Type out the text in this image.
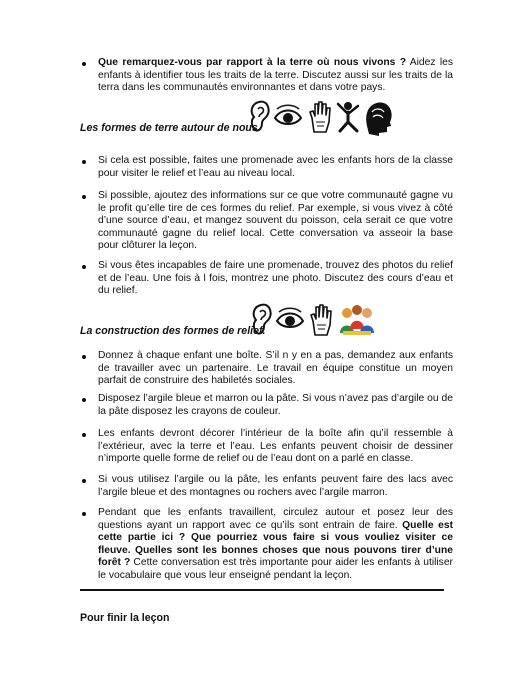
Que remarquez-vous par rapport à la terre où nous vivons ? Aidez les enfants à identifier tous les traits de la terre. Discutez aussi sur les traits de la terra dans les communautés environnantes et dans votre pays.
Les formes de terre autour de nous.
Si cela est possible, faites une promenade avec les enfants hors de la classe pour visiter le relief et l’eau au niveau local.
Si possible, ajoutez des informations sur ce que votre communauté gagne vu le profit qu’elle tire de ces formes du relief. Par exemple, si vous vivez à côté d’une source d’eau, et mangez souvent du poisson, cela serait ce que votre communauté gagne du relief local. Cette conversation va asseoir la base pour clôturer la leçon.
Si vous êtes incapables de faire une promenade, trouvez des photos du relief et de l’eau. Une fois à l fois, montrez une photo. Discutez des cours d’eau et du relief.
La construction des formes de relief.
Donnez à chaque enfant une boîte. S’il n y en a pas, demandez aux enfants de travailler avec un partenaire. Le travail en équipe constitue un moyen parfait de construire des habiletés sociales.
Disposez l’argile bleue et marron ou la pâte. Si vous n’avez pas d’argile ou de la pâte disposez les crayons de couleur.
Les enfants devront décorer l’intérieur de la boîte afin qu’il ressemble à l’extérieur, avec la terre et l’eau. Les enfants peuvent choisir de dessiner n’importe quelle forme de relief ou de l’eau dont on a parlé en classe.
Si vous utilisez l’argile ou la pâte, les enfants peuvent faire des lacs avec l’argile bleue et des montagnes ou rochers avec l’argile marron.
Pendant que les enfants travaillent, circulez autour et posez leur des questions ayant un rapport avec ce qu’ils sont entrain de faire. Quelle est cette partie ici ? Que pourriez vous faire si vous vouliez visiter ce fleuve. Quelles sont les bonnes choses que nous pouvons tirer d’une forêt ? Cette conversation est très importante pour aider les enfants à utiliser le vocabulaire que vous leur enseigné pendant la leçon.
Pour finir la leçon
